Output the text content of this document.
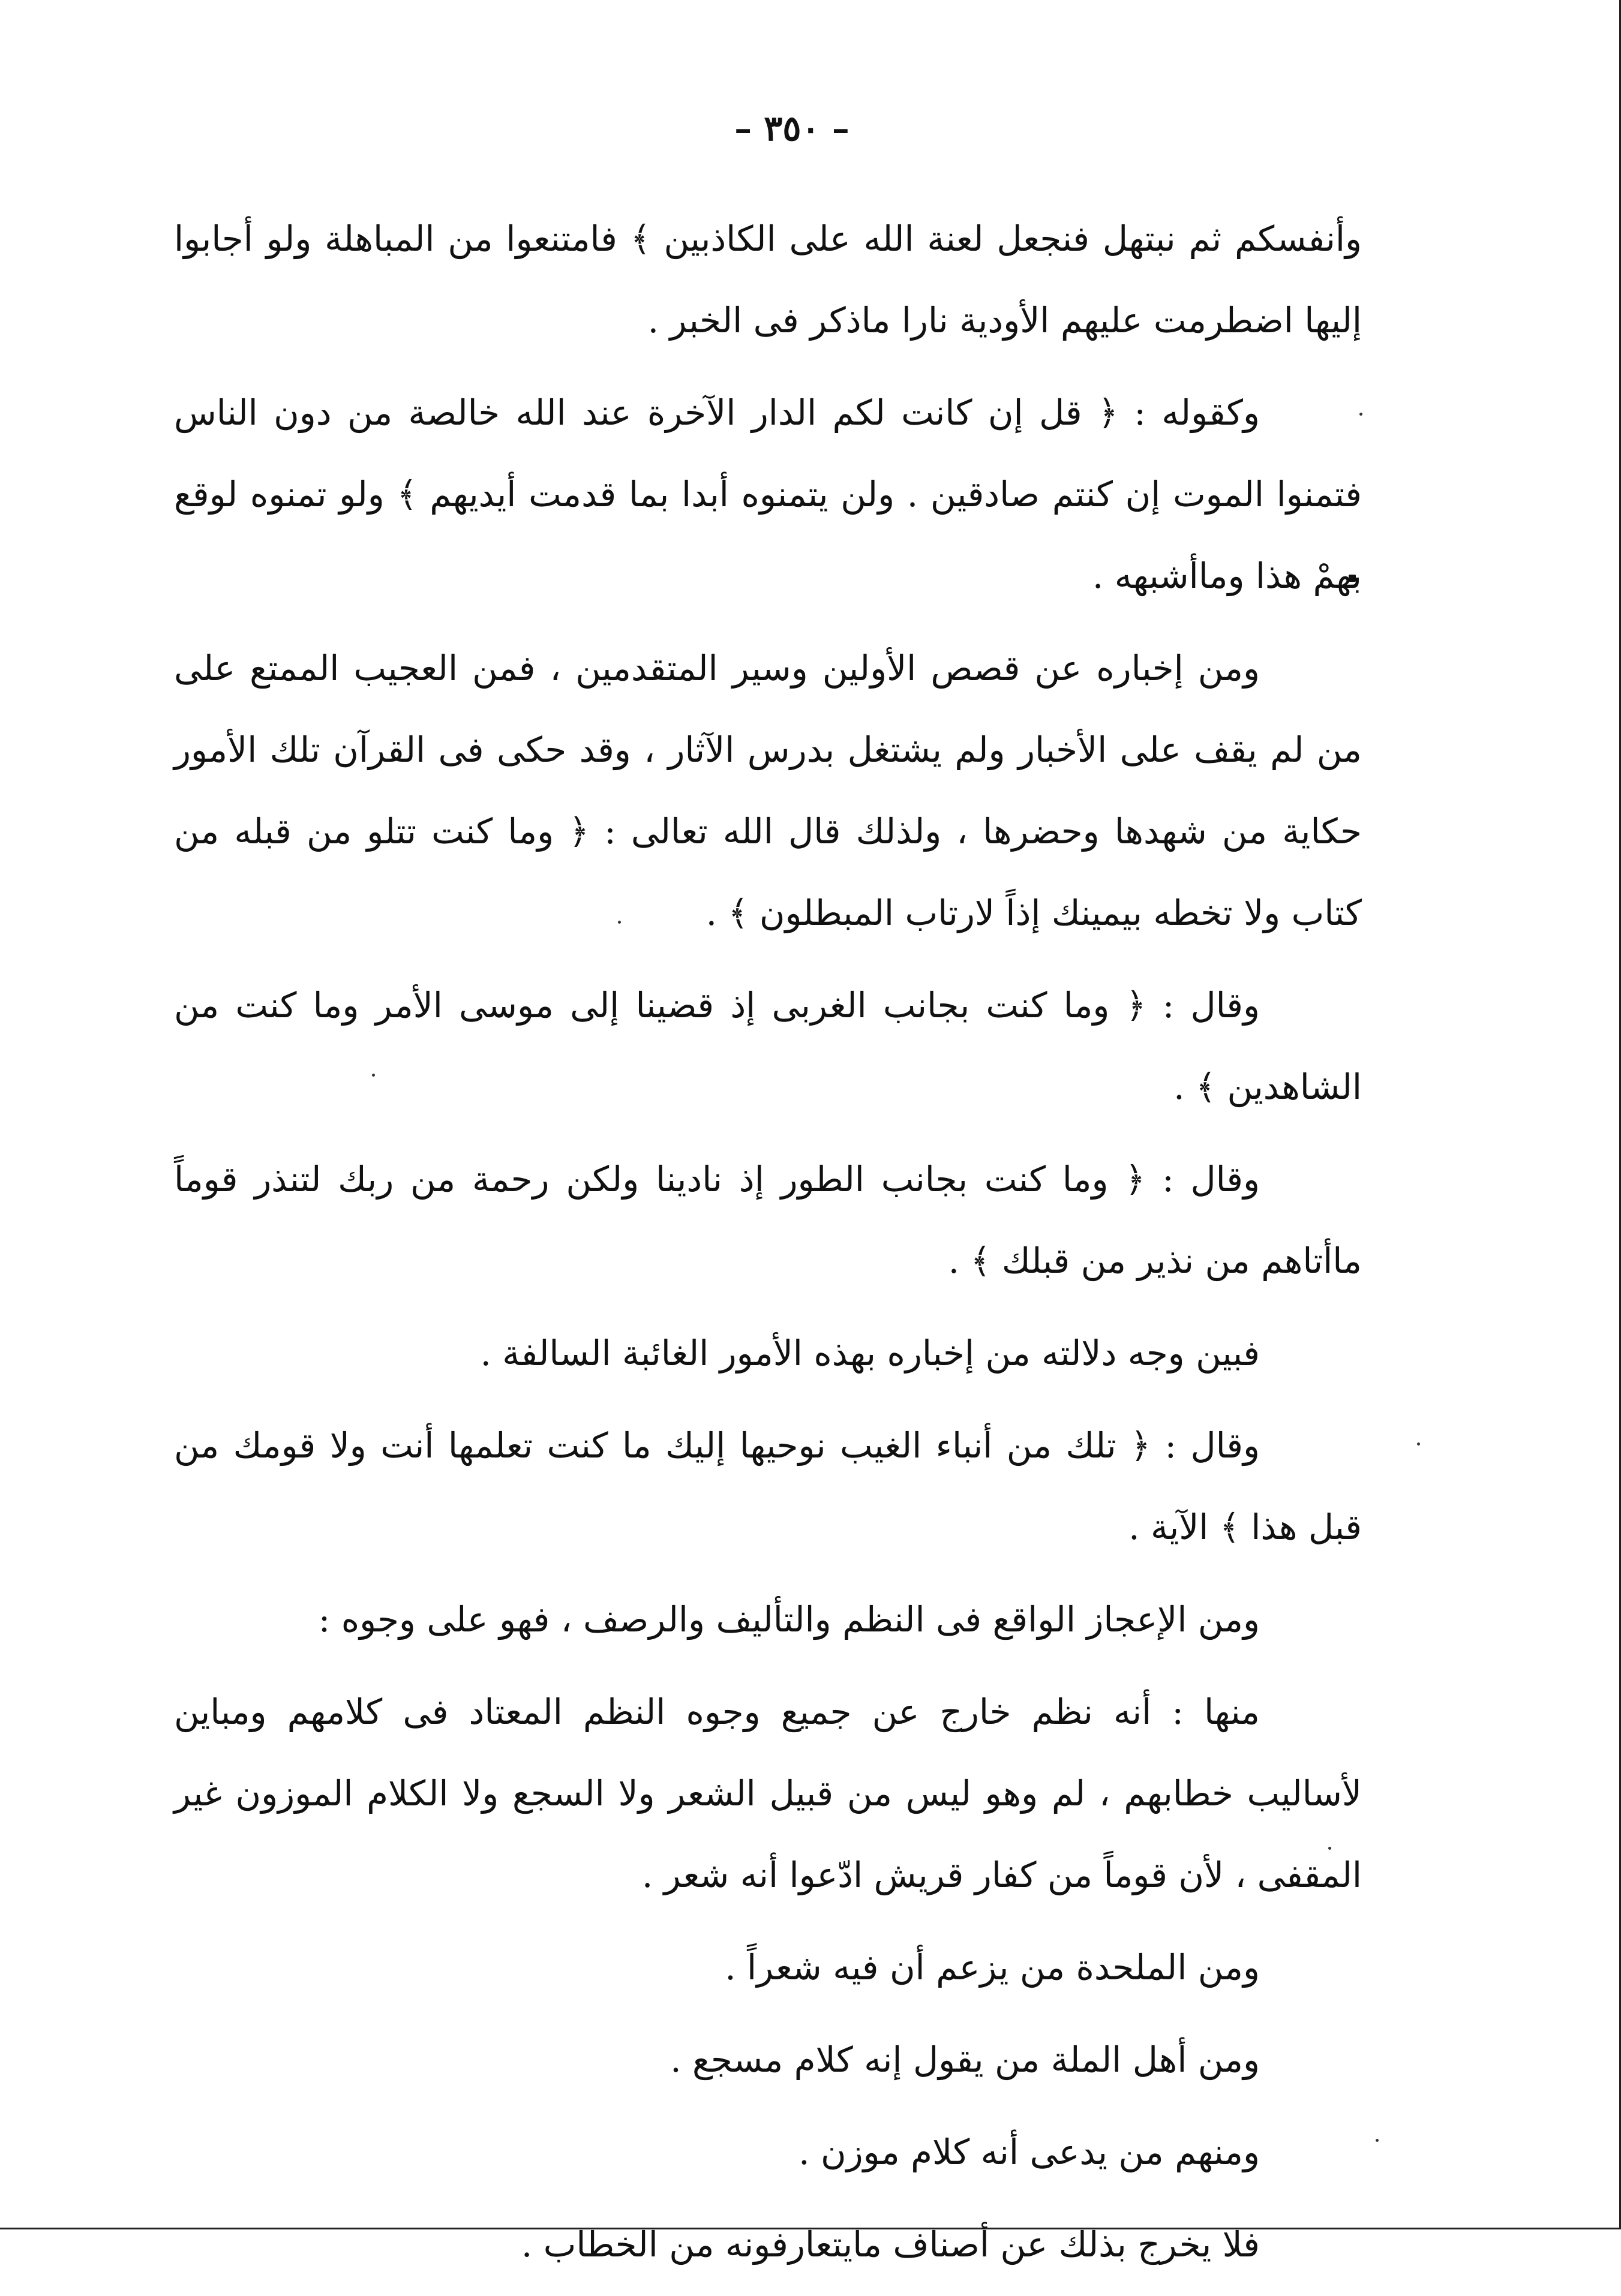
– ٣٥٠ –

وأنفسكم ثم نبتهل فنجعل لعنة الله على الكاذبين ﴾ فامتنعوا من المباهلة ولو أجابوا إليها اضطرمت عليهم الأودية نارا ماذكر فى الخبر .

وكقوله : ﴿ قل إن كانت لكم الدار الآخرة عند الله خالصة من دون الناس فتمنوا الموت إن كنتم صادقين . ولن يتمنوه أبدا بما قدمت أيديهم ﴾ ولو تمنوه لوقع بهمْ هذا وماأشبهه .

ومن إخباره عن قصص الأولين وسير المتقدمين ، فمن العجيب الممتع على من لم يقف على الأخبار ولم يشتغل بدرس الآثار ، وقد حكى فى القرآن تلك الأمور حكاية من شهدها وحضرها ، ولذلك قال الله تعالى : ﴿ وما كنت تتلو من قبله من كتاب ولا تخطه بيمينك إذاً لارتاب المبطلون ﴾ .

وقال : ﴿ وما كنت بجانب الغربى إذ قضينا إلى موسى الأمر وما كنت من الشاهدين ﴾ .

وقال : ﴿ وما كنت بجانب الطور إذ نادينا ولكن رحمة من ربك لتنذر قوماً ماأتاهم من نذير من قبلك ﴾ .

فبين وجه دلالته من إخباره بهذه الأمور الغائبة السالفة .

وقال : ﴿ تلك من أنباء الغيب نوحيها إليك ما كنت تعلمها أنت ولا قومك من قبل هذا ﴾ الآية .

ومن الإعجاز الواقع فى النظم والتأليف والرصف ، فهو على وجوه :

منها : أنه نظم خارج عن جميع وجوه النظم المعتاد فى كلامهم ومباين لأساليب خطابهم ، لم وهو ليس من قبيل الشعر ولا السجع ولا الكلام الموزون غير المقفى ، لأن قوماً من كفار قريش ادّعوا أنه شعر .

ومن الملحدة من يزعم أن فيه شعراً .

ومن أهل الملة من يقول إنه كلام مسجع .

ومنهم من يدعى أنه كلام موزن .

فلا يخرج بذلك عن أصناف مايتعارفونه من الخطاب .
